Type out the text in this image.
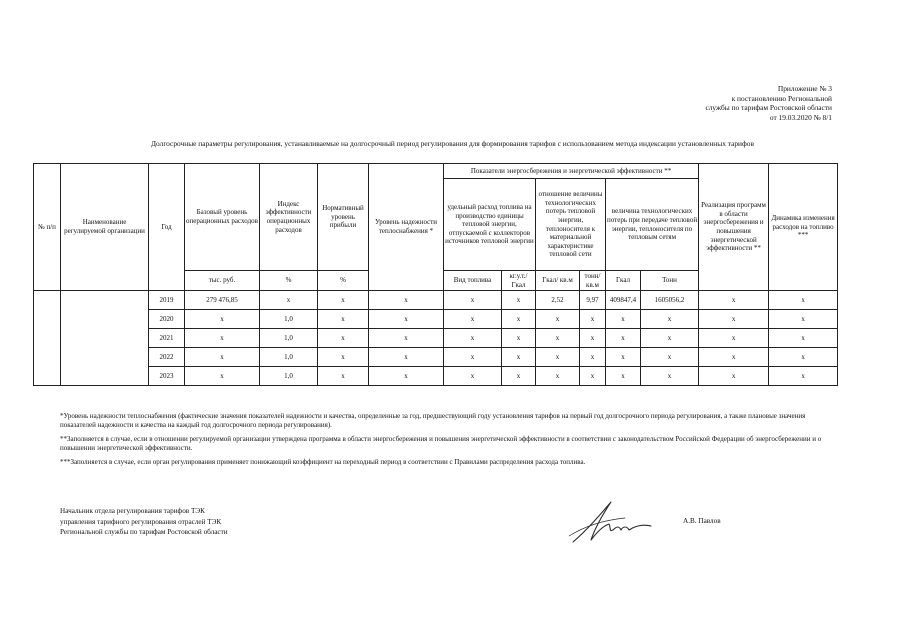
Приложение № 3
к постановлению Региональной
службы по тарифам Ростовской области
от 19.03.2020 № 8/1
Долгосрочные параметры регулирования, устанавливаемые на долгосрочный период регулирования для формирования тарифов с использованием метода индексации установленных тарифов
№ п/п	Наименование регулируемой организации	Год	Базовый уровень операционных расходов	Индекс эффективности операционных расходов	Нормативный уровень прибыли	Уровень надежности теплоснабжения *	Показатели энергосбережения и энергетической эффективности **						Реализация программ в области энергосбережения и повышения энергетической эффективности **	Динамика изменения расходов на топливо ***
							удельный расход топлива на производство единицы тепловой энергии, отпускаемой с коллекторов источников тепловой энергии		отношение величины технологических потерь тепловой энергии, теплоносителя к материальной характеристике тепловой сети		величина технологических потерь при передаче тепловой энергии, теплоносителя по тепловым сетям			
			тыс. руб.	%	%		Вид топлива	кг.у.т./Гкал	Гкал/ кв.м	тонн/кв.м	Гкал	Тонн		
		2019	279 476,85	x	x	x	x	x	2,52	9,97	409847,4	1605056,2	x	x
		2020	x	1,0	x	x	x	x	x	x	x	x	x	x
		2021	x	1,0	x	x	x	x	x	x	x	x	x	x
		2022	x	1,0	x	x	x	x	x	x	x	x	x	x
		2023	x	1,0	x	x	x	x	x	x	x	x	x	x

*Уровень надежности теплоснабжения (фактические значения показателей надежности и качества, определенные за год, предшествующий году установления тарифов на первый год долгосрочного периода регулирования, а также плановые значения показателей надежности и качества на каждый год долгосрочного периода регулирования).

**Заполняется в случае, если в отношении регулируемой организации утверждена программа в области энергосбережения и повышения энергетической эффективности в соответствии с законодательством Российской Федерации об энергосбережении и о повышении энергетической эффективности.

***Заполняется в случае, если орган регулирования применяет понижающий коэффициент на переходный период в соответствии с Правилами распределения расхода топлива.

Начальник отдела регулирования тарифов ТЭК
управления тарифного регулирования отраслей ТЭК
Региональной службы по тарифам Ростовской области
А.В. Павлов
